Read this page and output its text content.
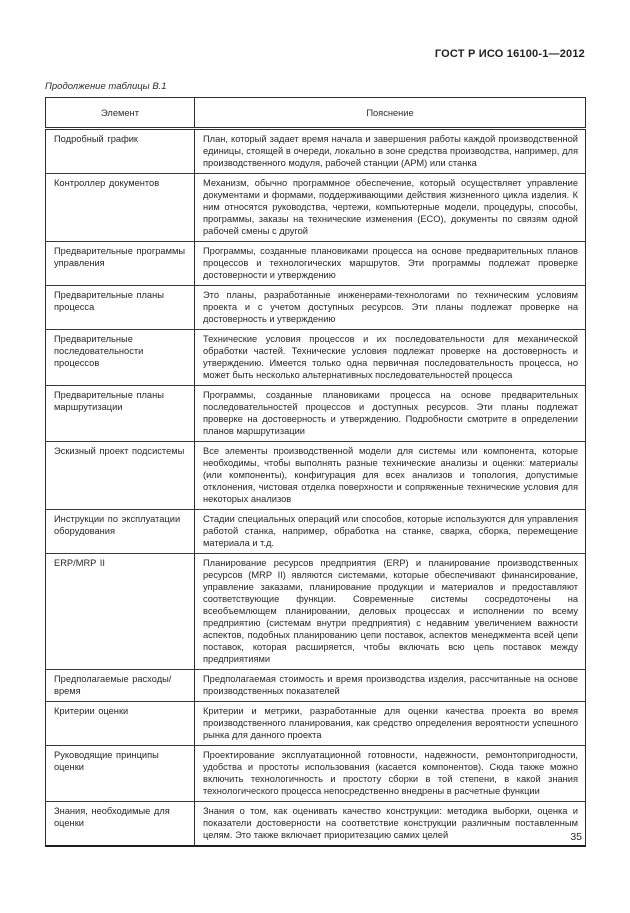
ГОСТ Р ИСО 16100-1—2012
Продолжение таблицы В.1
Элемент	Пояснение
Подробный график	План, который задает время начала и завершения работы каждой производственной единицы, стоящей в очереди, локально в зоне средства производства, например, для производственного модуля, рабочей станции (АРМ) или станка
Контроллер документов	Механизм, обычно программное обеспечение, который осуществляет управление документами и формами, поддерживающими действия жизненного цикла изделия. К ним относятся руководства, чертежи, компьютерные модели, процедуры, способы, программы, заказы на технические изменения (ECO), документы по связям одной рабочей смены с другой
Предварительные программы управления	Программы, созданные плановиками процесса на основе предварительных планов процессов и технологических маршрутов. Эти программы подлежат проверке достоверности и утверждению
Предварительные планы процесса	Это планы, разработанные инженерами-технологами по техническим условиям проекта и с учетом доступных ресурсов. Эти планы подлежат проверке на достоверность и утверждению
Предварительные последовательности процессов	Технические условия процессов и их последовательности для механической обработки частей. Технические условия подлежат проверке на достоверность и утверждению. Имеется только одна первичная последовательность процесса, но может быть несколько альтернативных последовательностей процесса
Предварительные планы маршрутизации	Программы, созданные плановиками процесса на основе предварительных последовательностей процессов и доступных ресурсов. Эти планы подлежат проверке на достоверность и утверждению. Подробности смотрите в определении планов маршрутизации
Эскизный проект подсистемы	Все элементы производственной модели для системы или компонента, которые необходимы, чтобы выполнять разные технические анализы и оценки: материалы (или компоненты), конфигурация для всех анализов и топология, допустимые отклонения, чистовая отделка поверхности и сопряженные технические условия для некоторых анализов
Инструкции по эксплуатации оборудования	Стадии специальных операций или способов, которые используются для управления работой станка, например, обработка на станке, сварка, сборка, перемещение материала и т.д.
ERP/MRP II	Планирование ресурсов предприятия (ERP) и планирование производственных ресурсов (MRP II) являются системами, которые обеспечивают финансирование, управление заказами, планирование продукции и материалов и предоставляют соответствующие функции. Современные системы сосредоточены на всеобъемлющем планировании, деловых процессах и исполнении по всему предприятию (системам внутри предприятия) с недавним увеличением важности аспектов, подобных планированию цепи поставок, аспектов менеджмента всей цепи поставок, которая расширяется, чтобы включать всю цепь поставок между предприятиями
Предполагаемые расходы/время	Предполагаемая стоимость и время производства изделия, рассчитанные на основе производственных показателей
Критерии оценки	Критерии и метрики, разработанные для оценки качества проекта во время производственного планирования, как средство определения вероятности успешного рынка для данного проекта
Руководящие принципы оценки	Проектирование эксплуатационной готовности, надежности, ремонтопригодности, удобства и простоты использования (касается компонентов). Сюда также можно включить технологичность и простоту сборки в той степени, в какой знания технологического процесса непосредственно внедрены в расчетные функции
Знания, необходимые для оценки	Знания о том, как оценивать качество конструкции: методика выборки, оценка и показатели достоверности на соответствие конструкции различным поставленным целям. Это также включает приоритезацию самих целей	35
